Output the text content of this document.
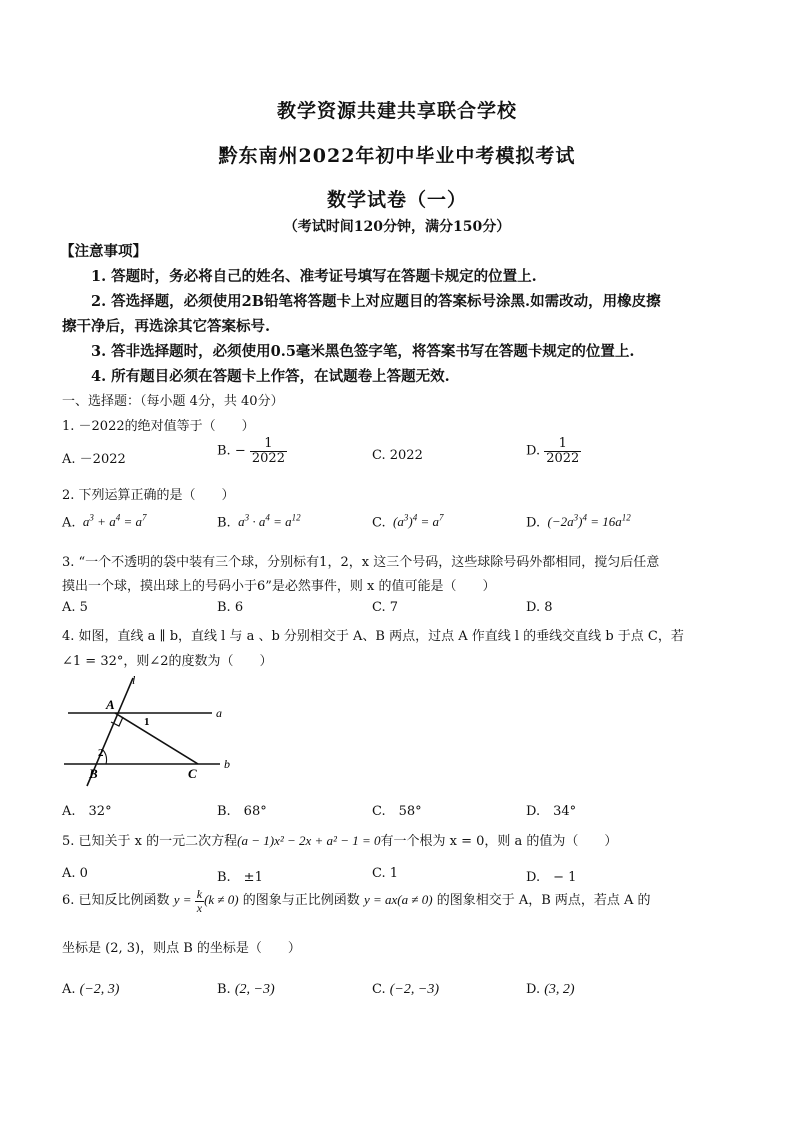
教学资源共建共享联合学校
黔东南州2022年初中毕业中考模拟考试
数学试卷（一）
（考试时间120分钟，满分150分）
【注意事项】
1. 答题时，务必将自己的姓名、准考证号填写在答题卡规定的位置上.
2. 答选择题，必须使用2B铅笔将答题卡上对应题目的答案标号涂黑.如需改动，用橡皮擦
擦干净后，再选涂其它答案标号.
3. 答非选择题时，必须使用0.5毫米黑色签字笔，将答案书写在答题卡规定的位置上.
4. 所有题目必须在答题卡上作答，在试题卷上答题无效.
一、选择题：（每小题 4分，共 40分）
1. －2022的绝对值等于（　　）
A. －2022
B. − $\frac{1}{2022}$	C. 2022	D. $\frac{1}{2022}$
2. 下列运算正确的是（　　）
A.  $a^3 + a^4 = a^7$	B.  $a^3 \cdot a^4 = a^{12}$	C.  $(a^3)^4 = a^7$	D.  $(-2a^3)^4 = 16a^{12}$
3. “一个不透明的袋中装有三个球，分别标有1，2，x 这三个号码，这些球除号码外都相同，搅匀后任意
摸出一个球，摸出球上的号码小于6”是必然事件，则 x 的值可能是（　　）
A. 5	B. 6	C. 7	D. 8
4. 如图，直线 a ∥ b，直线 l 与 a 、b 分别相交于 A、B 两点，过点 A 作直线 l 的垂线交直线 b 于点 C，若
∠1 = 32°，则∠2的度数为（　　）
l
a
b
A
B	C
1
2
A.　32°	B.　68°	C.　58°	D.　34°
5. 已知关于 x 的一元二次方程(a − 1)x² − 2x + a² − 1 = 0有一个根为 x = 0，则 a 的值为（　　）
A. 0	B.　±1	C. 1	D.　− 1
6. 已知反比例函数 $y = \frac{k}{x} (k \ne 0)$ 的图象与正比例函数 y = ax(a ≠ 0) 的图象相交于 A，B 两点，若点 A 的
坐标是 (2, 3)，则点 B 的坐标是（　　）
A. (−2, 3)	B. (2, −3)	C. (−2, −3)	D. (3, 2)
